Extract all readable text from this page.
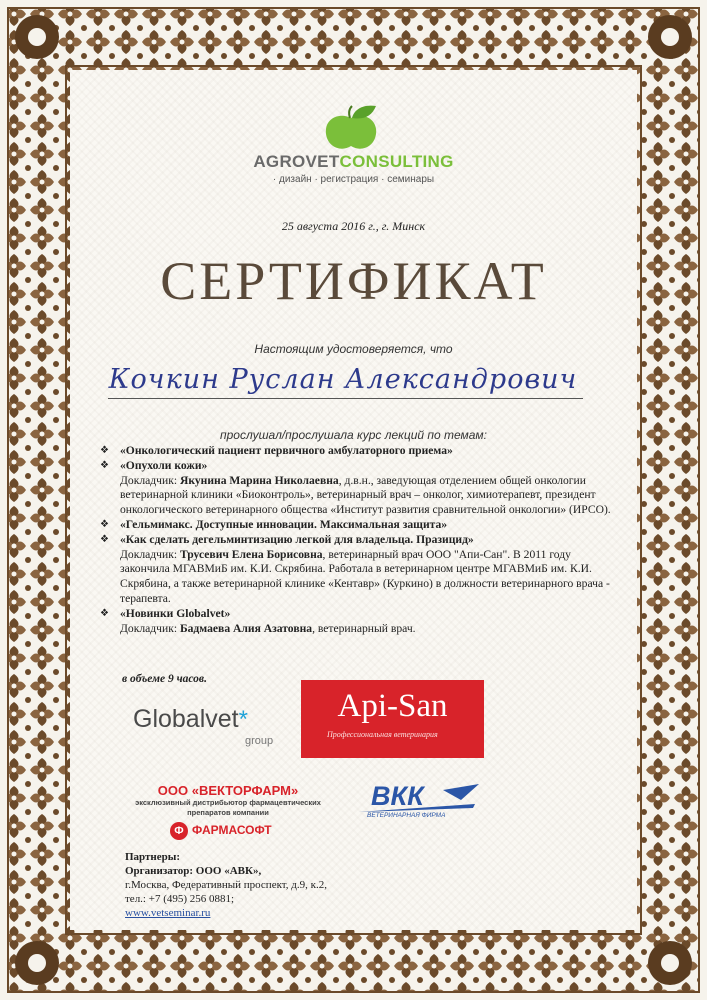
AGROVETCONSULTING
· дизайн · регистрация · семинары
25 августа 2016 г., г. Минск
СЕРТИФИКАТ
Настоящим удостоверяется, что
Кочкин Руслан Александрович
прослушал/прослушала курс лекций по темам:
❖ «Онкологический пациент первичного амбулаторного приема»
❖ «Опухоли кожи»
Докладчик: Якунина Марина Николаевна, д.в.н., заведующая отделением общей онкологии ветеринарной клиники «Биоконтроль», ветеринарный врач – онколог, химиотерапевт, президент онкологического ветеринарного общества «Институт развития сравнительной онкологии» (ИРСО).
❖ «Гельмимакс. Доступные инновации. Максимальная защита»
❖ «Как сделать дегельминтизацию легкой для владельца. Празицид»
Докладчик: Трусевич Елена Борисовна, ветеринарный врач ООО "Апи-Сан". В 2011 году закончила МГАВМиБ им. К.И. Скрябина. Работала в ветеринарном центре МГАВМиБ им. К.И. Скрябина, а также ветеринарной клинике «Кентавр» (Куркино) в должности ветеринарного врача - терапевта.
❖ «Новинки Globalvet»
Докладчик: Бадмаева Алия Азатовна, ветеринарный врач.
в объеме 9 часов.
Globalvet*
group
Api-San
Профессиональная ветеринария
ООО «ВЕКТОРФАРМ»
эксклюзивный дистрибьютор фармацевтических
препаратов компании
Ф ФАРМАСОФТ
ВКК
ВЕТЕРИНАРНАЯ ФИРМА
Партнеры:
Организатор: ООО «АВК»,
г.Москва, Федеративный проспект, д.9, к.2,
тел.: +7 (495) 256 0881;
www.vetseminar.ru
